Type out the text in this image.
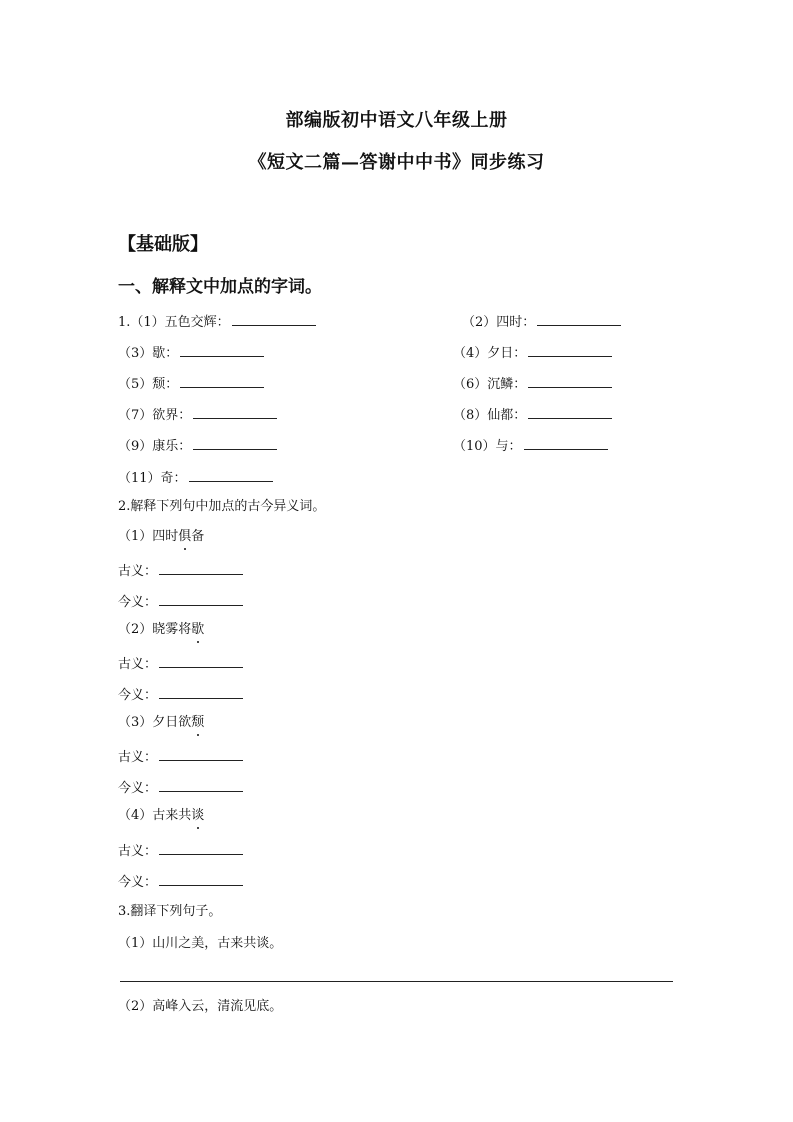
部编版初中语文八年级上册
《短文二篇—答谢中中书》同步练习
【基础版】
一、解释文中加点的字词。
1.（1）五色交辉：	（2）四时：
（3）歇：	（4）夕日：
（5）颓：	（6）沉鳞：
（7）欲界：	（8）仙都：
（9）康乐：	（10）与：
（11）奇：
2.解释下列句中加点的古今异义词。
（1）四时俱备
古义：
今义：
（2）晓雾将歇
古义：
今义：
（3）夕日欲颓
古义：
今义：
（4）古来共谈
古义：
今义：
3.翻译下列句子。
（1）山川之美，古来共谈。
（2）高峰入云，清流见底。
